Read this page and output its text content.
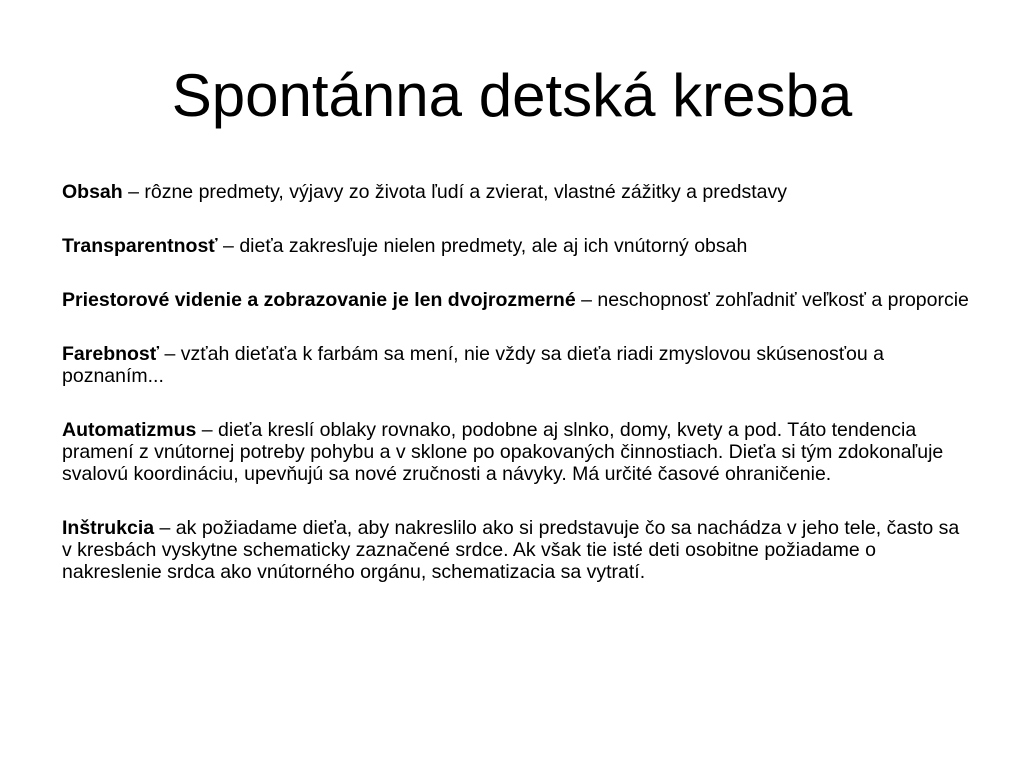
Spontánna detská kresba

Obsah – rôzne predmety, výjavy zo života ľudí a zvierat, vlastné zážitky a predstavy

Transparentnosť – dieťa zakresľuje nielen predmety, ale aj ich vnútorný obsah

Priestorové videnie a zobrazovanie je len dvojrozmerné – neschopnosť zohľadniť veľkosť a proporcie

Farebnosť – vzťah dieťaťa k farbám sa mení, nie vždy sa dieťa riadi zmyslovou skúsenosťou a poznaním...

Automatizmus – dieťa kreslí oblaky rovnako, podobne aj slnko, domy, kvety a pod. Táto tendencia pramení z vnútornej potreby pohybu a v sklone po opakovaných činnostiach. Dieťa si tým zdokonaľuje svalovú koordináciu, upevňujú sa nové zručnosti a návyky. Má určité časové ohraničenie.

Inštrukcia – ak požiadame dieťa, aby nakreslilo ako si predstavuje čo sa nachádza v jeho tele, často sa v kresbách vyskytne schematicky zaznačené srdce. Ak však tie isté deti osobitne požiadame o nakreslenie srdca ako vnútorného orgánu, schematizacia sa vytratí.
